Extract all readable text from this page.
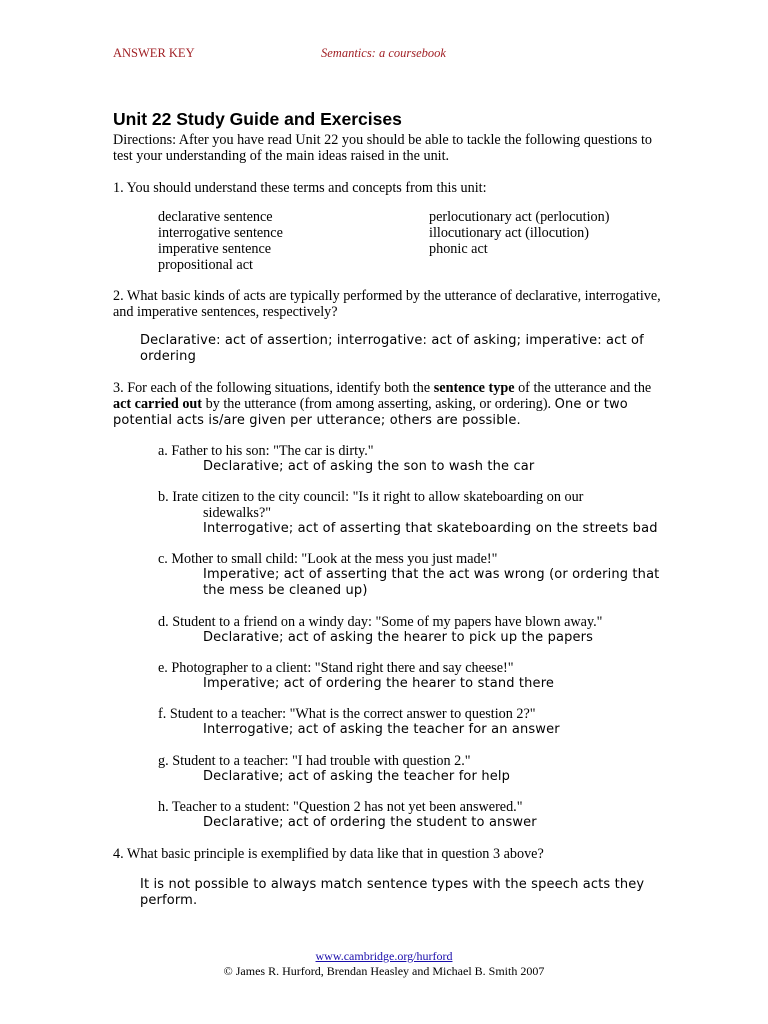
ANSWER KEY	Semantics: a coursebook
Unit 22 Study Guide and Exercises
Directions: After you have read Unit 22 you should be able to tackle the following questions to
test your understanding of the main ideas raised in the unit.
1. You should understand these terms and concepts from this unit:
declarative sentence
interrogative sentence
imperative sentence
propositional act
perlocutionary act (perlocution)
illocutionary act (illocution)
phonic act
2. What basic kinds of acts are typically performed by the utterance of declarative, interrogative,
and imperative sentences, respectively?
Declarative: act of assertion; interrogative: act of asking; imperative: act of
ordering
3. For each of the following situations, identify both the sentence type of the utterance and the
act carried out by the utterance (from among asserting, asking, or ordering). One or two
potential acts is/are given per utterance; others are possible.
a. Father to his son: "The car is dirty."
Declarative; act of asking the son to wash the car
b. Irate citizen to the city council: "Is it right to allow skateboarding on our
sidewalks?"
Interrogative; act of asserting that skateboarding on the streets bad
c. Mother to small child: "Look at the mess you just made!"
Imperative; act of asserting that the act was wrong (or ordering that
the mess be cleaned up)
d. Student to a friend on a windy day: "Some of my papers have blown away."
Declarative; act of asking the hearer to pick up the papers
e. Photographer to a client: "Stand right there and say cheese!"
Imperative; act of ordering the hearer to stand there
f. Student to a teacher: "What is the correct answer to question 2?"
Interrogative; act of asking the teacher for an answer
g. Student to a teacher: "I had trouble with question 2."
Declarative; act of asking the teacher for help
h. Teacher to a student: "Question 2 has not yet been answered."
Declarative; act of ordering the student to answer
4. What basic principle is exemplified by data like that in question 3 above?
It is not possible to always match sentence types with the speech acts they
perform.
www.cambridge.org/hurford
© James R. Hurford, Brendan Heasley and Michael B. Smith 2007
